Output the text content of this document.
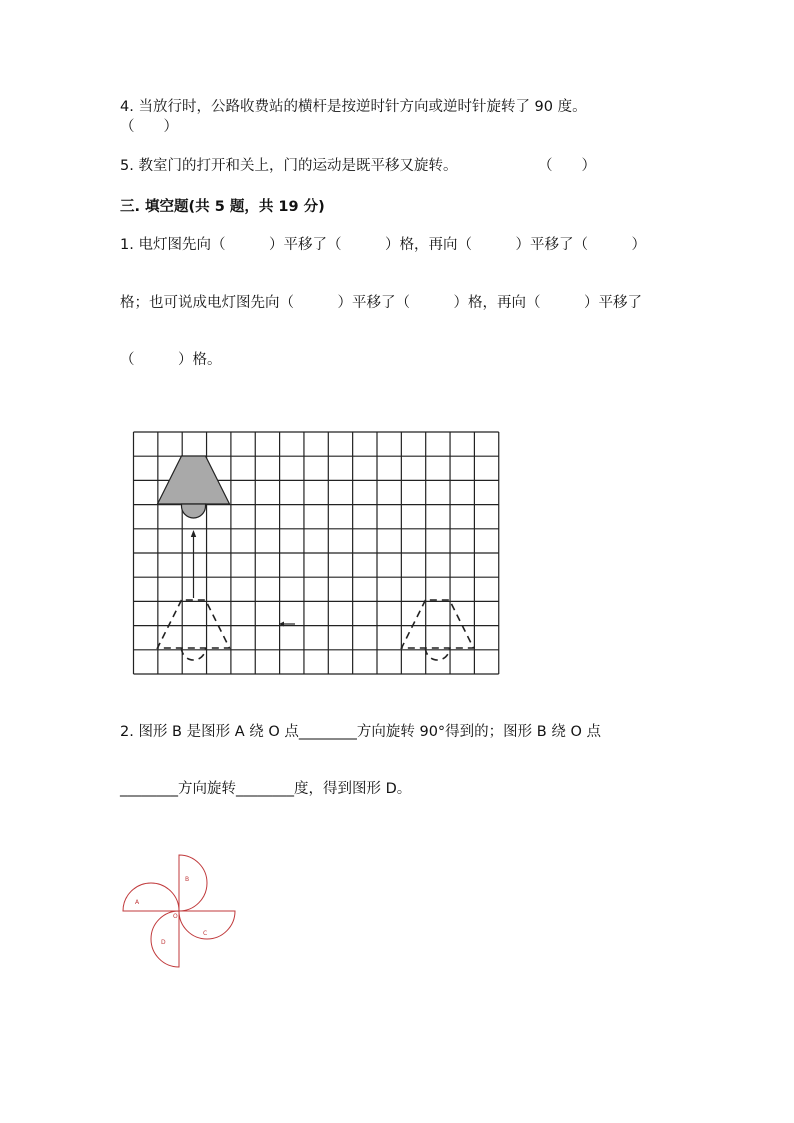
4. 当放行时，公路收费站的横杆是按逆时针方向或逆时针旋转了 90 度。
（　　）
5. 教室门的打开和关上，门的运动是既平移又旋转。	（　　）
三. 填空题(共 5 题，共 19 分)
1. 电灯图先向（　　　）平移了（　　　）格，再向（　　　）平移了（　　　）
格；也可说成电灯图先向（　　　）平移了（　　　）格，再向（　　　）平移了
（　　　）格。
2. 图形 B 是图形 A 绕 O 点________方向旋转 90°得到的；图形 B 绕 O 点
________方向旋转________度，得到图形 D。
A
B
C
D
O
